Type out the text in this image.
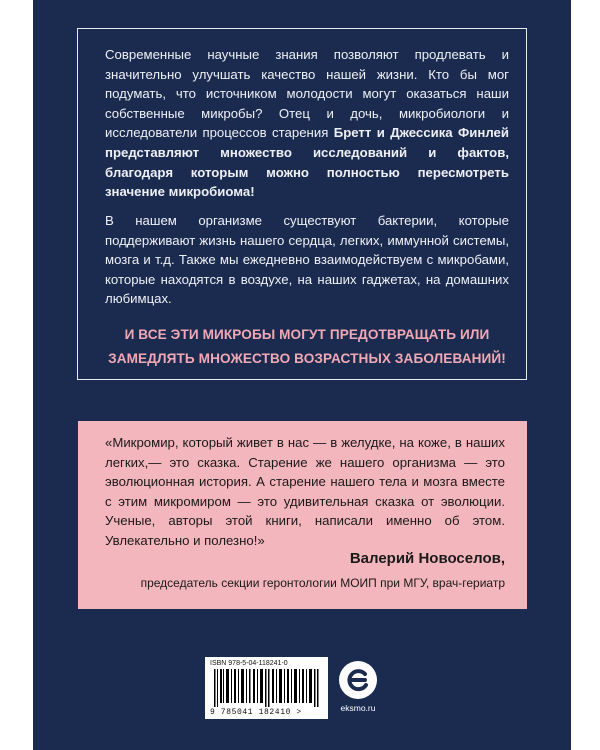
Современные научные знания позволяют продлевать и значительно улучшать качество нашей жизни. Кто бы мог подумать, что источником молодости могут оказаться наши собственные микробы? Отец и дочь, микробиологи и исследователи процессов старения Бретт и Джессика Финлей представляют множество исследований и фактов, благодаря которым можно полностью пересмотреть значение микробиома!

В нашем организме существуют бактерии, которые поддерживают жизнь нашего сердца, легких, иммунной системы, мозга и т.д. Также мы ежедневно взаимодействуем с микробами, которые находятся в воздухе, на наших гаджетах, на домашних любимцах.

И ВСЕ ЭТИ МИКРОБЫ МОГУТ ПРЕДОТВРАЩАТЬ ИЛИ
ЗАМЕДЛЯТЬ МНОЖЕСТВО ВОЗРАСТНЫХ ЗАБОЛЕВАНИЙ!

«Микромир, который живет в нас — в желудке, на коже, в наших легких,— это сказка. Старение же нашего организма — это эволюционная история. А старение нашего тела и мозга вместе с этим микромиром — это удивительная сказка от эволюции. Ученые, авторы этой книги, написали именно об этом. Увлекательно и полезно!»

Валерий Новоселов,
председатель секции геронтологии МОИП при МГУ, врач-гериатр
ISBN 978-5-04-118241-0
9 785041 182410 >	eksmo.ru
